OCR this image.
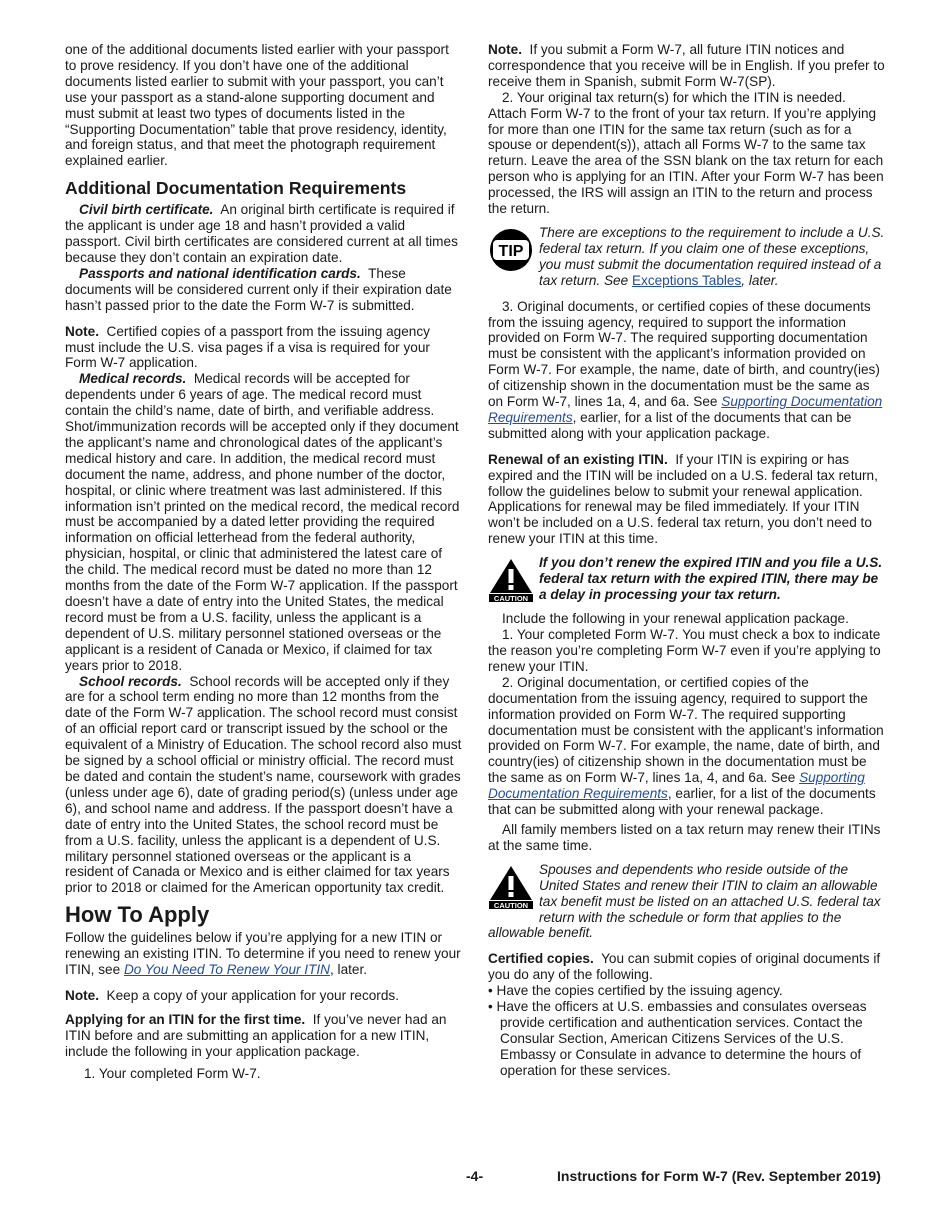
one of the additional documents listed earlier with your passport to prove residency. If you don’t have one of the additional documents listed earlier to submit with your passport, you can’t use your passport as a stand-alone supporting document and must submit at least two types of documents listed in the “Supporting Documentation” table that prove residency, identity, and foreign status, and that meet the photograph requirement explained earlier.

Additional Documentation Requirements

Civil birth certificate. An original birth certificate is required if the applicant is under age 18 and hasn’t provided a valid passport. Civil birth certificates are considered current at all times because they don’t contain an expiration date.

Passports and national identification cards. These documents will be considered current only if their expiration date hasn’t passed prior to the date the Form W-7 is submitted.

Note. Certified copies of a passport from the issuing agency must include the U.S. visa pages if a visa is required for your Form W-7 application.

Medical records. Medical records will be accepted for dependents under 6 years of age. The medical record must contain the child’s name, date of birth, and verifiable address. Shot/immunization records will be accepted only if they document the applicant’s name and chronological dates of the applicant’s medical history and care. In addition, the medical record must document the name, address, and phone number of the doctor, hospital, or clinic where treatment was last administered. If this information isn’t printed on the medical record, the medical record must be accompanied by a dated letter providing the required information on official letterhead from the federal authority, physician, hospital, or clinic that administered the latest care of the child. The medical record must be dated no more than 12 months from the date of the Form W-7 application. If the passport doesn’t have a date of entry into the United States, the medical record must be from a U.S. facility, unless the applicant is a dependent of U.S. military personnel stationed overseas or the applicant is a resident of Canada or Mexico, if claimed for tax years prior to 2018.

School records. School records will be accepted only if they are for a school term ending no more than 12 months from the date of the Form W-7 application. The school record must consist of an official report card or transcript issued by the school or the equivalent of a Ministry of Education. The school record also must be signed by a school official or ministry official. The record must be dated and contain the student’s name, coursework with grades (unless under age 6), date of grading period(s) (unless under age 6), and school name and address. If the passport doesn’t have a date of entry into the United States, the school record must be from a U.S. facility, unless the applicant is a dependent of U.S. military personnel stationed overseas or the applicant is a resident of Canada or Mexico and is either claimed for tax years prior to 2018 or claimed for the American opportunity tax credit.

How To Apply

Follow the guidelines below if you’re applying for a new ITIN or renewing an existing ITIN. To determine if you need to renew your ITIN, see Do You Need To Renew Your ITIN, later.

Note. Keep a copy of your application for your records.

Applying for an ITIN for the first time. If you’ve never had an ITIN before and are submitting an application for a new ITIN, include the following in your application package.

1. Your completed Form W-7.

Note. If you submit a Form W-7, all future ITIN notices and correspondence that you receive will be in English. If you prefer to receive them in Spanish, submit Form W-7(SP).

2. Your original tax return(s) for which the ITIN is needed. Attach Form W-7 to the front of your tax return. If you’re applying for more than one ITIN for the same tax return (such as for a spouse or dependent(s)), attach all Forms W-7 to the same tax return. Leave the area of the SSN blank on the tax return for each person who is applying for an ITIN. After your Form W-7 has been processed, the IRS will assign an ITIN to the return and process the return.

TIP

There are exceptions to the requirement to include a U.S. federal tax return. If you claim one of these exceptions, you must submit the documentation required instead of a tax return. See Exceptions Tables, later.

3. Original documents, or certified copies of these documents from the issuing agency, required to support the information provided on Form W-7. The required supporting documentation must be consistent with the applicant’s information provided on Form W-7. For example, the name, date of birth, and country(ies) of citizenship shown in the documentation must be the same as on Form W-7, lines 1a, 4, and 6a. See Supporting Documentation Requirements, earlier, for a list of the documents that can be submitted along with your application package.

Renewal of an existing ITIN. If your ITIN is expiring or has expired and the ITIN will be included on a U.S. federal tax return, follow the guidelines below to submit your renewal application. Applications for renewal may be filed immediately. If your ITIN won’t be included on a U.S. federal tax return, you don’t need to renew your ITIN at this time.

CAUTION

If you don’t renew the expired ITIN and you file a U.S. federal tax return with the expired ITIN, there may be a delay in processing your tax return.

Include the following in your renewal application package.

1. Your completed Form W-7. You must check a box to indicate the reason you’re completing Form W-7 even if you’re applying to renew your ITIN.

2. Original documentation, or certified copies of the documentation from the issuing agency, required to support the information provided on Form W-7. The required supporting documentation must be consistent with the applicant’s information provided on Form W-7. For example, the name, date of birth, and country(ies) of citizenship shown in the documentation must be the same as on Form W-7, lines 1a, 4, and 6a. See Supporting Documentation Requirements, earlier, for a list of the documents that can be submitted along with your renewal package.

All family members listed on a tax return may renew their ITINs at the same time.

CAUTION

Spouses and dependents who reside outside of the United States and renew their ITIN to claim an allowable tax benefit must be listed on an attached U.S. federal tax return with the schedule or form that applies to the allowable benefit.

Certified copies. You can submit copies of original documents if you do any of the following.

• Have the copies certified by the issuing agency.

• Have the officers at U.S. embassies and consulates overseas provide certification and authentication services. Contact the Consular Section, American Citizens Services of the U.S. Embassy or Consulate in advance to determine the hours of operation for these services.

-4-	Instructions for Form W-7 (Rev. September 2019)
